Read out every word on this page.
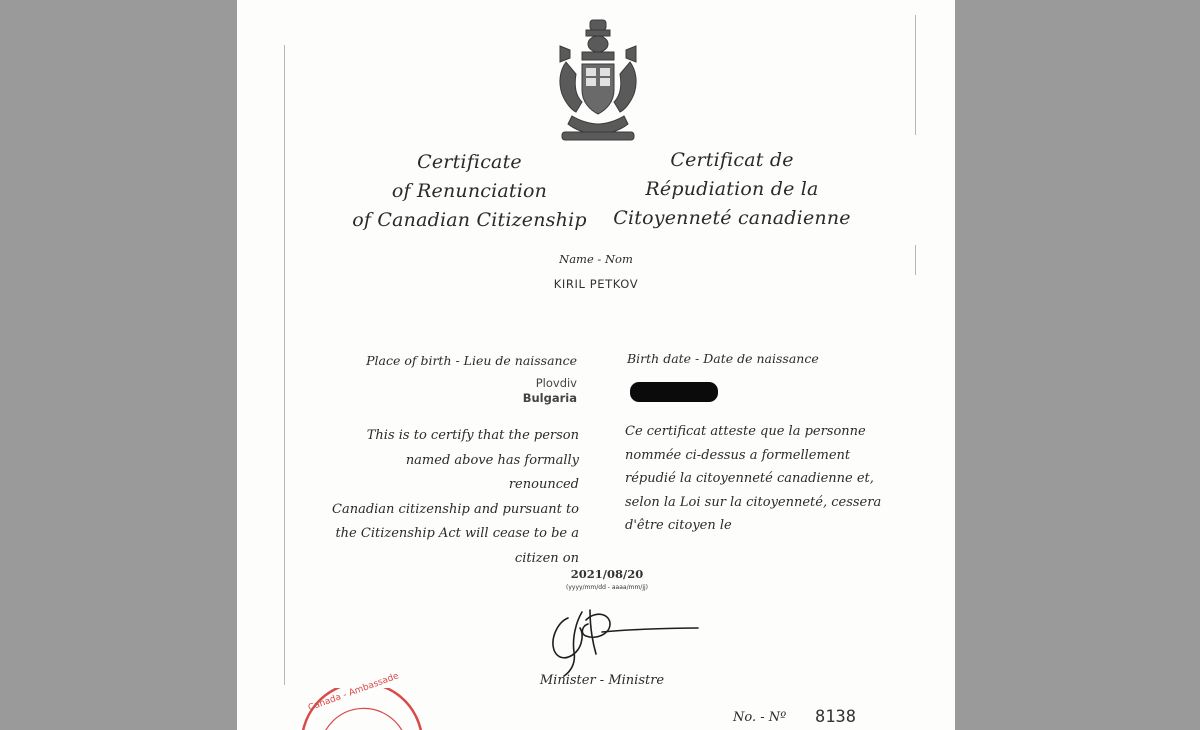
Certificate
of Renunciation
of Canadian Citizenship
Certificat de
Répudiation de la
Citoyenneté canadienne
Name - Nom
KIRIL PETKOV
Place of birth - Lieu de naissance	Birth date - Date de naissance
Plovdiv
Bulgaria
This is to certify that the person
named above has formally renounced
Canadian citizenship and pursuant to
the Citizenship Act will cease to be a
citizen on
Ce certificat atteste que la personne
nommée ci-dessus a formellement
répudié la citoyenneté canadienne et,
selon la Loi sur la citoyenneté, cessera
d'être citoyen le
2021/08/20
(yyyy/mm/dd - aaaa/mm/jj)
Minister - Ministre
No. - Nº 8138
Canada - Ambassade
